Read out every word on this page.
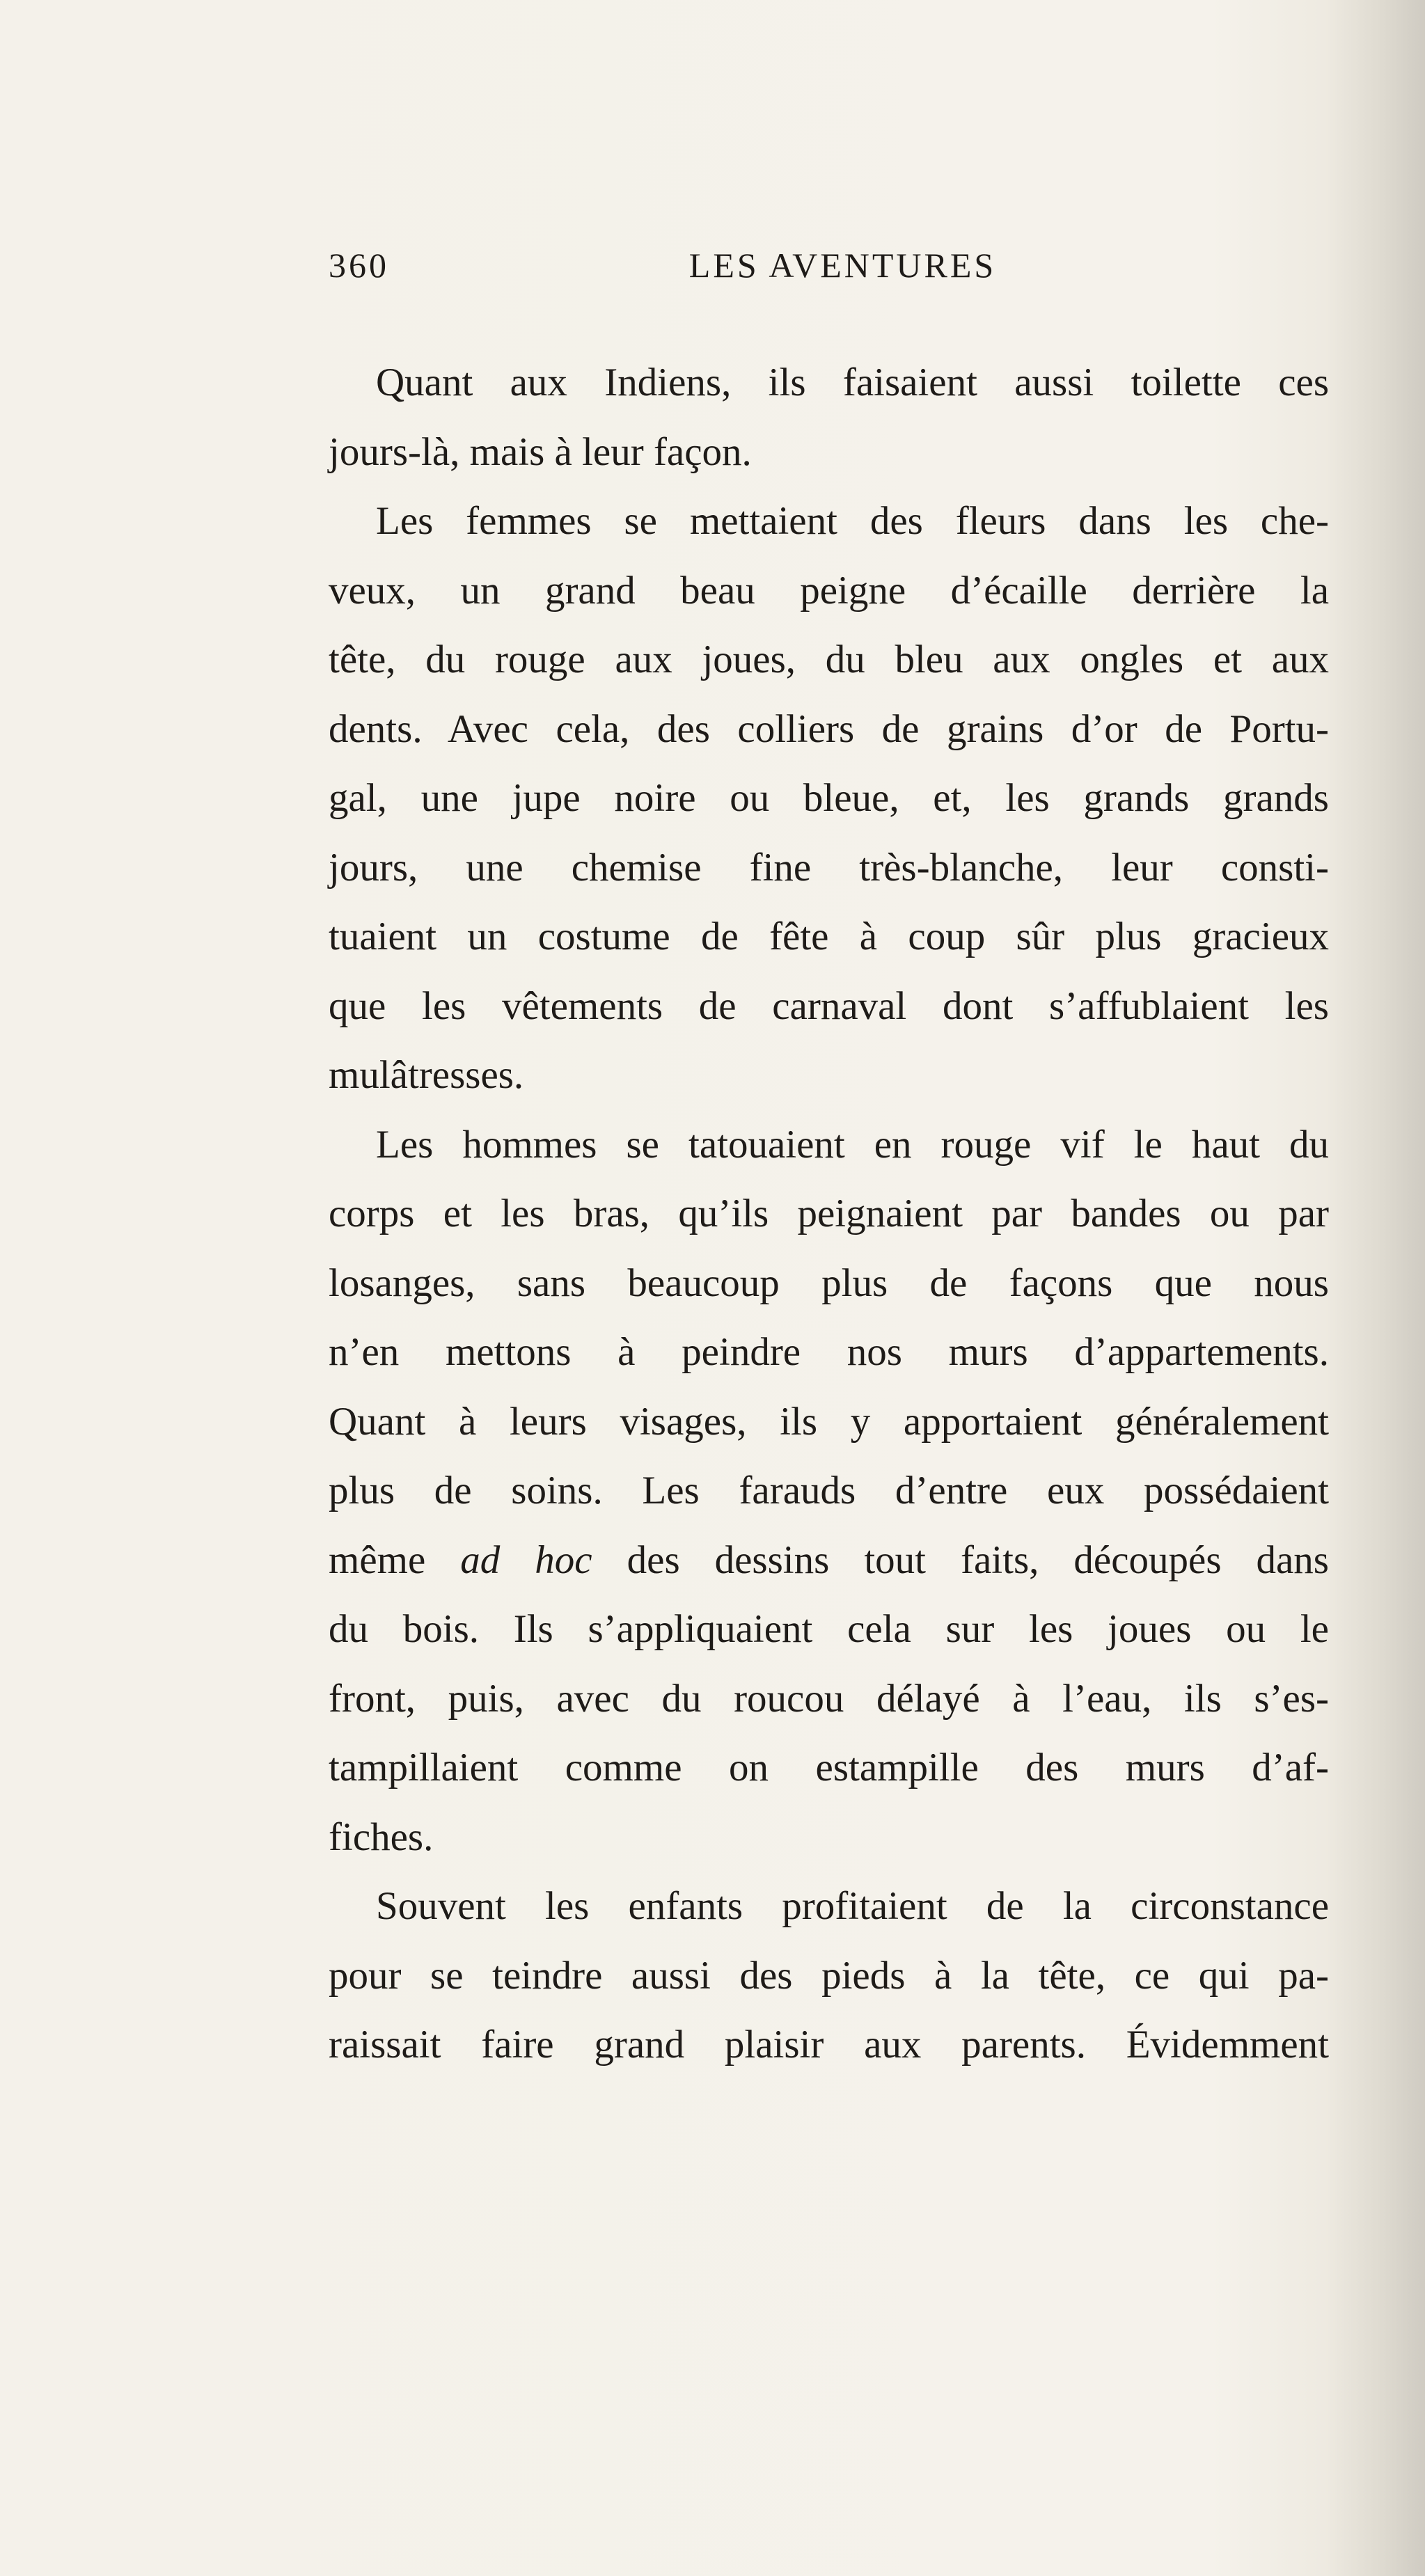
360	LES AVENTURES
Quant aux Indiens, ils faisaient aussi toilette ces
jours-là, mais à leur façon.
Les femmes se mettaient des fleurs dans les che-
veux, un grand beau peigne d’écaille derrière la
tête, du rouge aux joues, du bleu aux ongles et aux
dents. Avec cela, des colliers de grains d’or de Portu-
gal, une jupe noire ou bleue, et, les grands grands
jours, une chemise fine très-blanche, leur consti-
tuaient un costume de fête à coup sûr plus gracieux
que les vêtements de carnaval dont s’affublaient les
mulâtresses.
Les hommes se tatouaient en rouge vif le haut du
corps et les bras, qu’ils peignaient par bandes ou par
losanges, sans beaucoup plus de façons que nous
n’en mettons à peindre nos murs d’appartements.
Quant à leurs visages, ils y apportaient généralement
plus de soins. Les farauds d’entre eux possédaient
même ad hoc des dessins tout faits, découpés dans
du bois. Ils s’appliquaient cela sur les joues ou le
front, puis, avec du roucou délayé à l’eau, ils s’es-
tampillaient comme on estampille des murs d’af-
fiches.
Souvent les enfants profitaient de la circonstance
pour se teindre aussi des pieds à la tête, ce qui pa-
raissait faire grand plaisir aux parents. Évidemment
